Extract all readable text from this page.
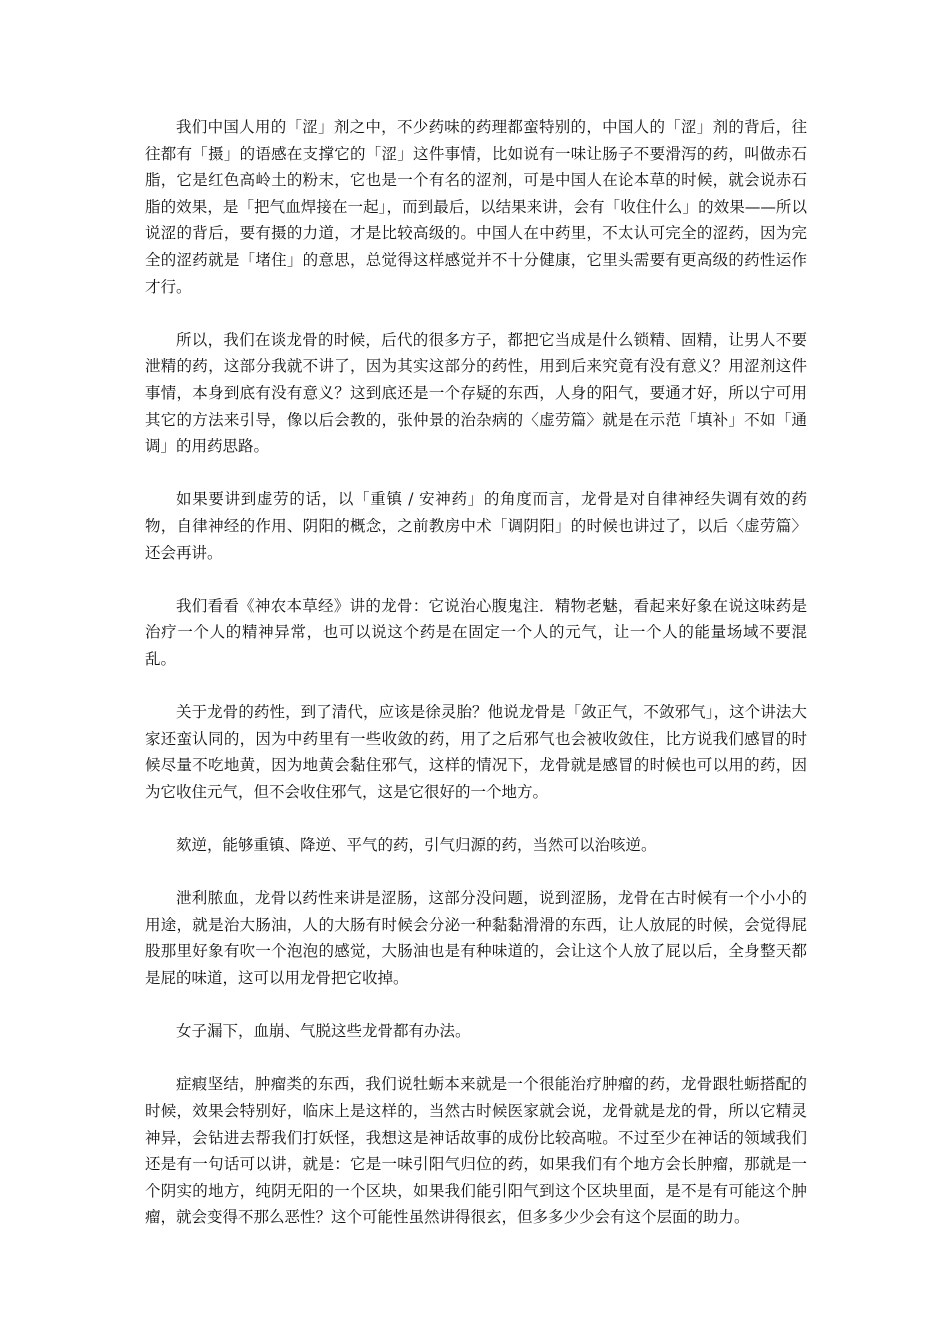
我们中国人用的「涩」剂之中，不少药味的药理都蛮特别的，中国人的「涩」剂的背后，往往都有「摄」的语感在支撑它的「涩」这件事情，比如说有一味让肠子不要滑泻的药，叫做赤石脂，它是红色高岭土的粉末，它也是一个有名的涩剂，可是中国人在论本草的时候，就会说赤石脂的效果，是「把气血焊接在一起」，而到最后，以结果来讲，会有「收住什么」的效果——所以说涩的背后，要有摄的力道，才是比较高级的。中国人在中药里，不太认可完全的涩药，因为完全的涩药就是「堵住」的意思，总觉得这样感觉并不十分健康，它里头需要有更高级的药性运作才行。

所以，我们在谈龙骨的时候，后代的很多方子，都把它当成是什么锁精、固精，让男人不要泄精的药，这部分我就不讲了，因为其实这部分的药性，用到后来究竟有没有意义？用涩剂这件事情，本身到底有没有意义？这到底还是一个存疑的东西，人身的阳气，要通才好，所以宁可用其它的方法来引导，像以后会教的，张仲景的治杂病的〈虚劳篇〉就是在示范「填补」不如「通调」的用药思路。

如果要讲到虚劳的话，以「重镇 / 安神药」的角度而言，龙骨是对自律神经失调有效的药物，自律神经的作用、阴阳的概念，之前教房中术「调阴阳」的时候也讲过了，以后〈虚劳篇〉还会再讲。

我们看看《神农本草经》讲的龙骨：它说治心腹鬼注．精物老魅，看起来好象在说这味药是治疗一个人的精神异常，也可以说这个药是在固定一个人的元气，让一个人的能量场域不要混乱。

关于龙骨的药性，到了清代，应该是徐灵胎？他说龙骨是「敛正气，不敛邪气」，这个讲法大家还蛮认同的，因为中药里有一些收敛的药，用了之后邪气也会被收敛住，比方说我们感冒的时候尽量不吃地黄，因为地黄会黏住邪气，这样的情况下，龙骨就是感冒的时候也可以用的药，因为它收住元气，但不会收住邪气，这是它很好的一个地方。

欬逆，能够重镇、降逆、平气的药，引气归源的药，当然可以治咳逆。

泄利脓血，龙骨以药性来讲是涩肠，这部分没问题，说到涩肠，龙骨在古时候有一个小小的用途，就是治大肠油，人的大肠有时候会分泌一种黏黏滑滑的东西，让人放屁的时候，会觉得屁股那里好象有吹一个泡泡的感觉，大肠油也是有种味道的，会让这个人放了屁以后，全身整天都是屁的味道，这可以用龙骨把它收掉。

女子漏下，血崩、气脱这些龙骨都有办法。

症瘕坚结，肿瘤类的东西，我们说牡蛎本来就是一个很能治疗肿瘤的药，龙骨跟牡蛎搭配的时候，效果会特别好，临床上是这样的，当然古时候医家就会说，龙骨就是龙的骨，所以它精灵神异，会钻进去帮我们打妖怪，我想这是神话故事的成份比较高啦。不过至少在神话的领域我们还是有一句话可以讲，就是：它是一味引阳气归位的药，如果我们有个地方会长肿瘤，那就是一个阴实的地方，纯阴无阳的一个区块，如果我们能引阳气到这个区块里面，是不是有可能这个肿瘤，就会变得不那么恶性？这个可能性虽然讲得很玄，但多多少少会有这个层面的助力。
